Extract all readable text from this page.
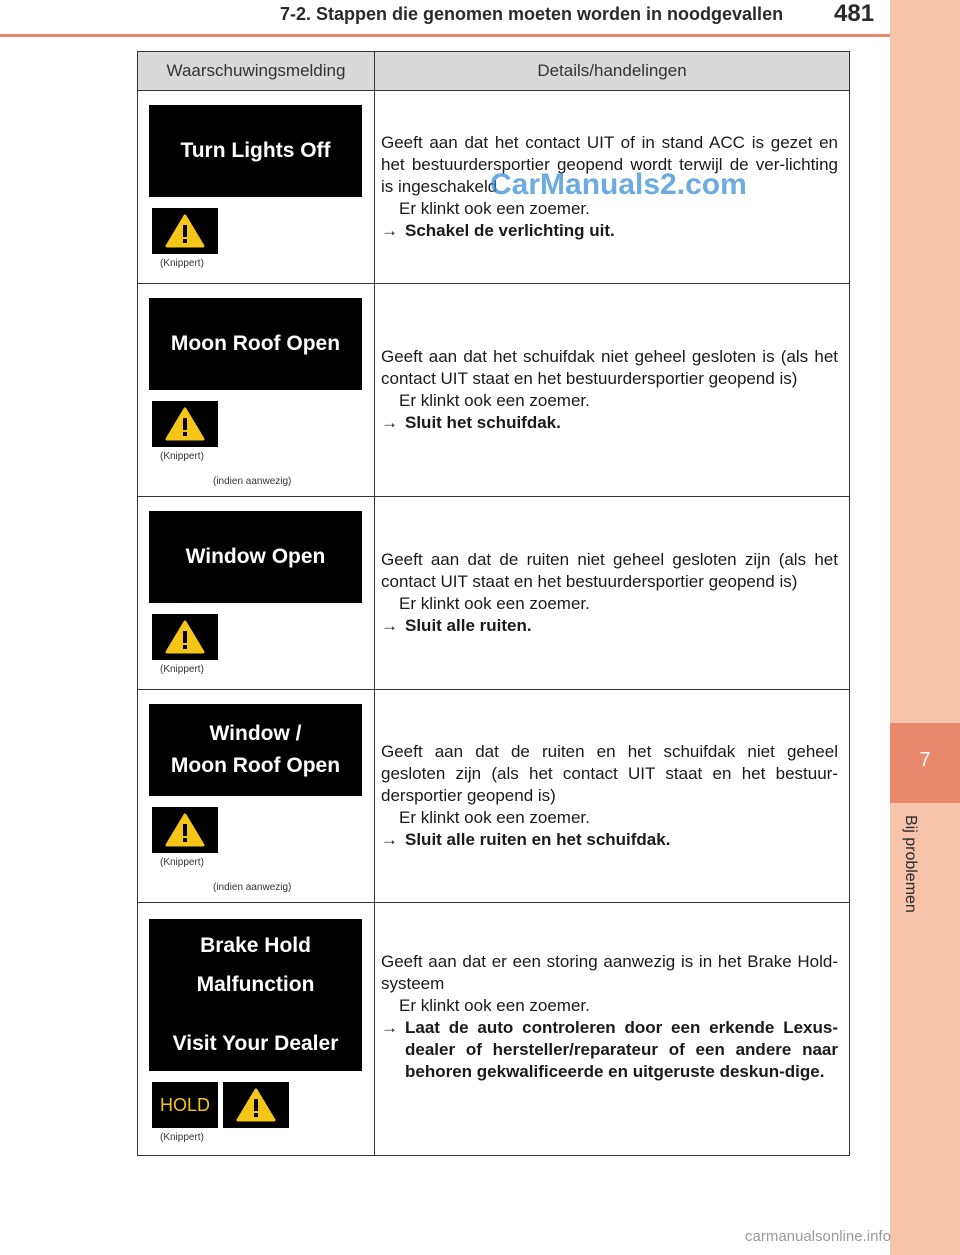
7-2. Stappen die genomen moeten worden in noodgevallen 481
7
Bij problemen
Waarschuwingsmelding	Details/handelingen
Turn Lights Off
(Knippert)
Geeft aan dat het contact UIT of in stand ACC is gezet en het bestuurdersportier geopend wordt terwijl de ver-lichting is ingeschakeld
Er klinkt ook een zoemer.
→ Schakel de verlichting uit.
Moon Roof Open
(Knippert)
(indien aanwezig)
Geeft aan dat het schuifdak niet geheel gesloten is (als het contact UIT staat en het bestuurdersportier geopend is)
Er klinkt ook een zoemer.
→ Sluit het schuifdak.
Window Open
(Knippert)
Geeft aan dat de ruiten niet geheel gesloten zijn (als het contact UIT staat en het bestuurdersportier geopend is)
Er klinkt ook een zoemer.
→ Sluit alle ruiten.
Window /
Moon Roof Open
(Knippert)
(indien aanwezig)
Geeft aan dat de ruiten en het schuifdak niet geheel gesloten zijn (als het contact UIT staat en het bestuur-dersportier geopend is)
Er klinkt ook een zoemer.
→ Sluit alle ruiten en het schuifdak.
Brake Hold
Malfunction
Visit Your Dealer
HOLD
(Knippert)
Geeft aan dat er een storing aanwezig is in het Brake Hold-systeem
Er klinkt ook een zoemer.
→ Laat de auto controleren door een erkende Lexus-dealer of hersteller/reparateur of een andere naar behoren gekwalificeerde en uitgeruste deskun-dige.
CarManuals2.com
carmanualsonline.info
